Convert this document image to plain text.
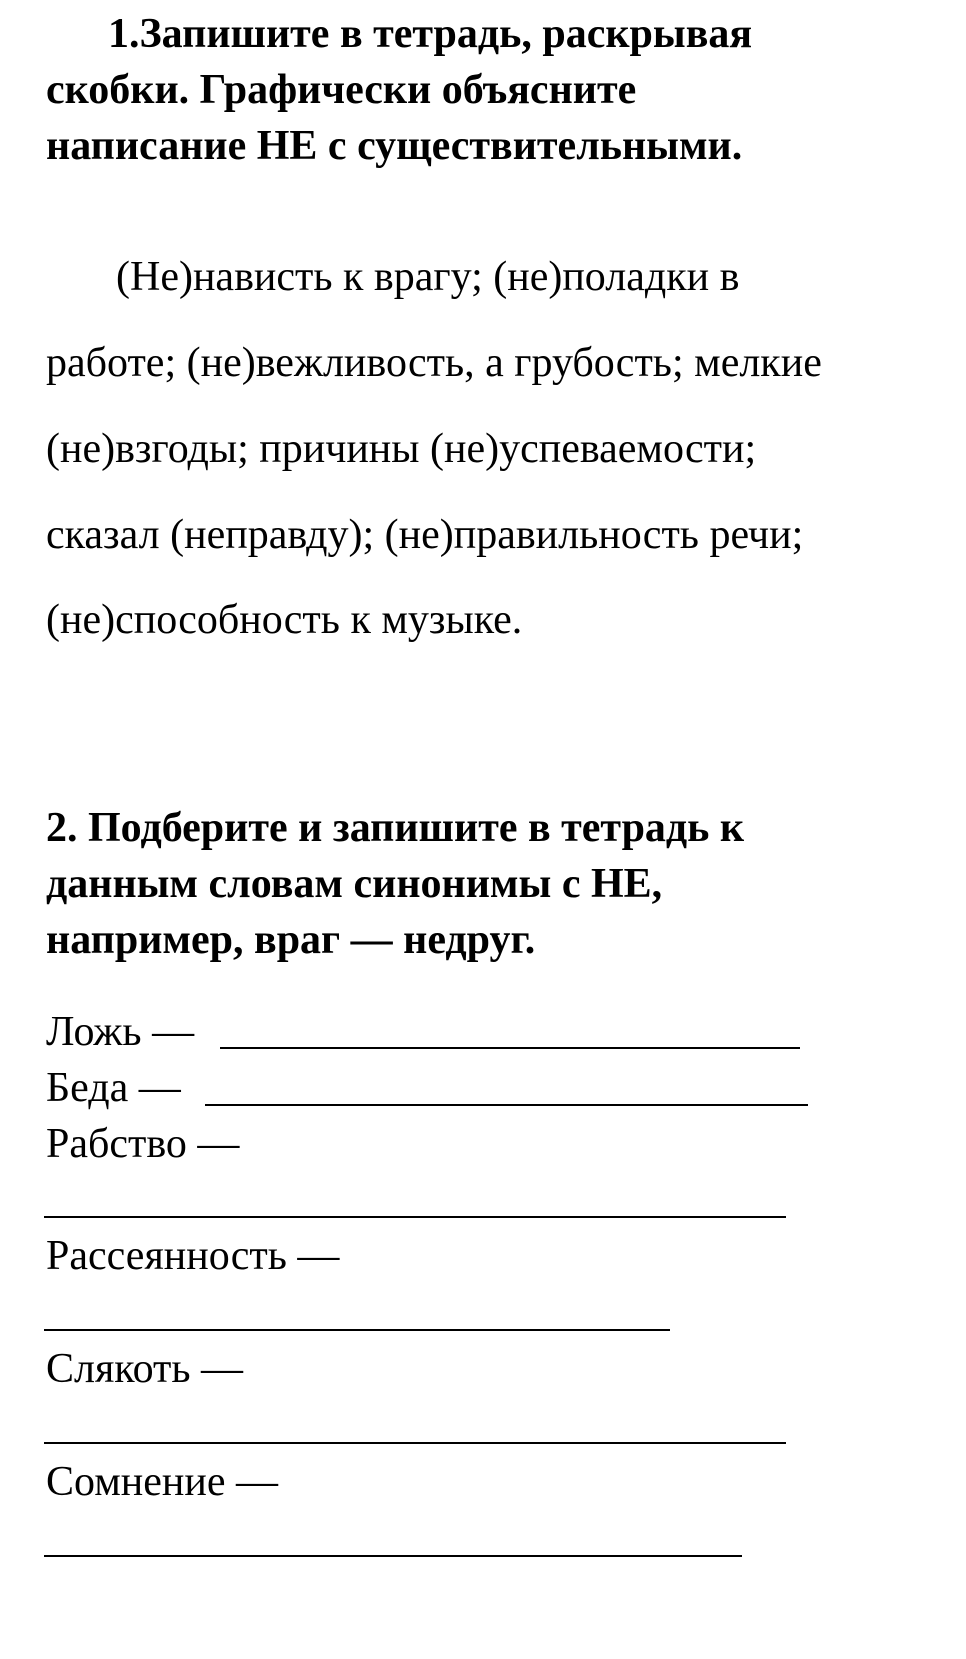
1.Запишите в тетрадь, раскрывая
скобки. Графически объясните
написание НЕ с существительными.
(Не)нависть к врагу; (не)поладки в
работе; (не)вежливость, а грубость; мелкие
(не)взгоды; причины (не)успеваемости;
сказал (неправду); (не)правильность речи;
(не)способность к музыке.
2. Подберите и запишите в тетрадь к
данным словам синонимы с НЕ,
например, враг — недруг.
Ложь —
Беда —
Рабство —
Рассеянность —
Слякоть —
Сомнение —
